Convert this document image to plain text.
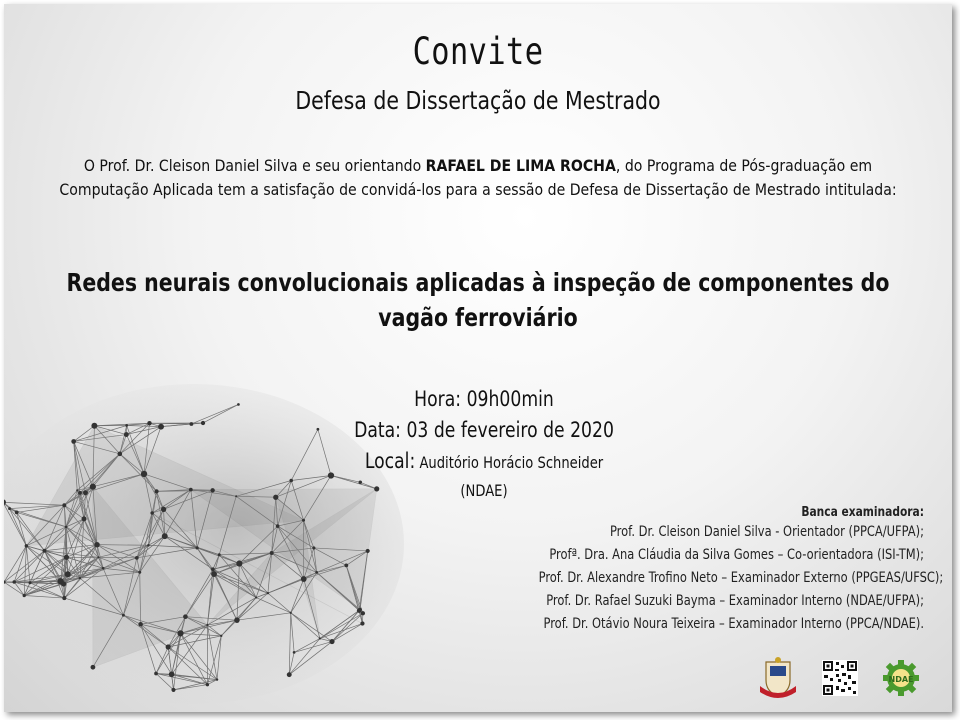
Convite
Defesa de Dissertação de Mestrado
O Prof. Dr. Cleison Daniel Silva e seu orientando RAFAEL DE LIMA ROCHA, do Programa de Pós-graduação em Computação Aplicada tem a satisfação de convidá-los para a sessão de Defesa de Dissertação de Mestrado intitulada:
Redes neurais convolucionais aplicadas à inspeção de componentes do
vagão ferroviário
Hora: 09h00min
Data: 03 de fevereiro de 2020
Local: Auditório Horácio Schneider
(NDAE)
Banca examinadora:
Prof. Dr. Cleison Daniel Silva - Orientador (PPCA/UFPA);
Profª. Dra. Ana Cláudia da Silva Gomes – Co-orientadora (ISI-TM);
Prof. Dr. Alexandre Trofino Neto – Examinador Externo (PPGEAS/UFSC);
Prof. Dr. Rafael Suzuki Bayma – Examinador Interno (NDAE/UFPA);
Prof. Dr. Otávio Noura Teixeira – Examinador Interno (PPCA/NDAE).
NDAE
